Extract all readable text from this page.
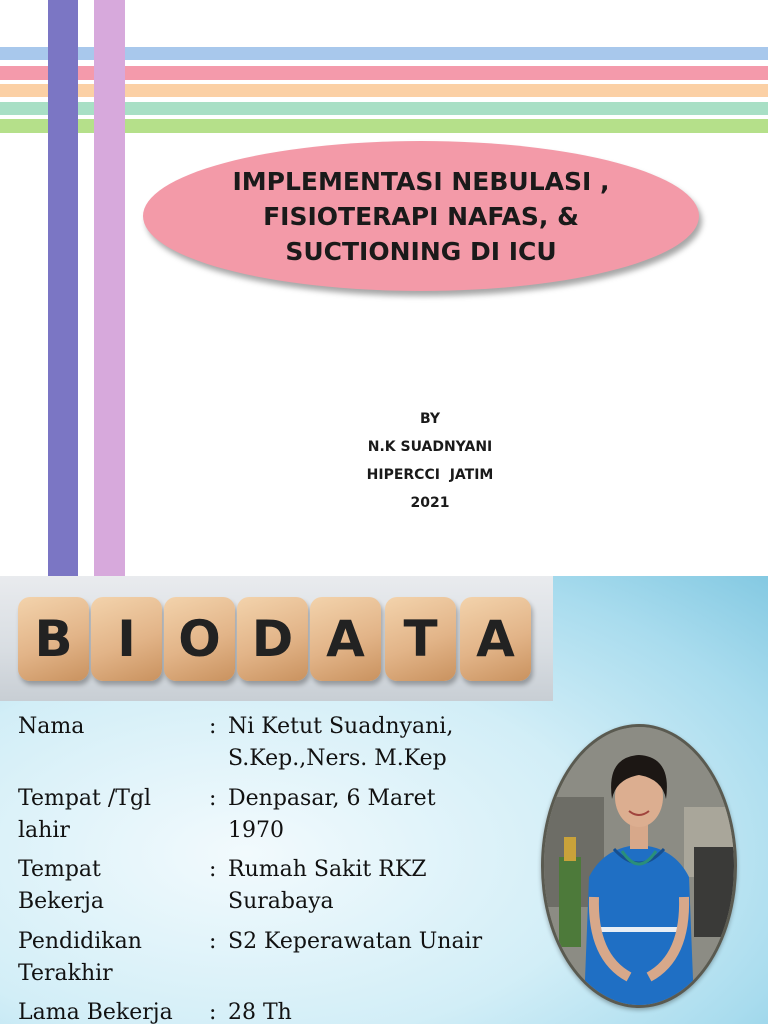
IMPLEMENTASI NEBULASI ,
FISIOTERAPI NAFAS, &
SUCTIONING DI ICU
BY
N.K SUADNYANI
HIPERCCI  JATIM
2021
B I O D A T A
Nama	: Ni Ketut Suadnyani,
S.Kep.,Ners. M.Kep
Tempat /Tgl
lahir
: Denpasar, 6 Maret
1970
Tempat
Bekerja
: Rumah Sakit RKZ
Surabaya
Pendidikan
Terakhir
: S2 Keperawatan Unair
Lama Bekerja	: 28 Th
